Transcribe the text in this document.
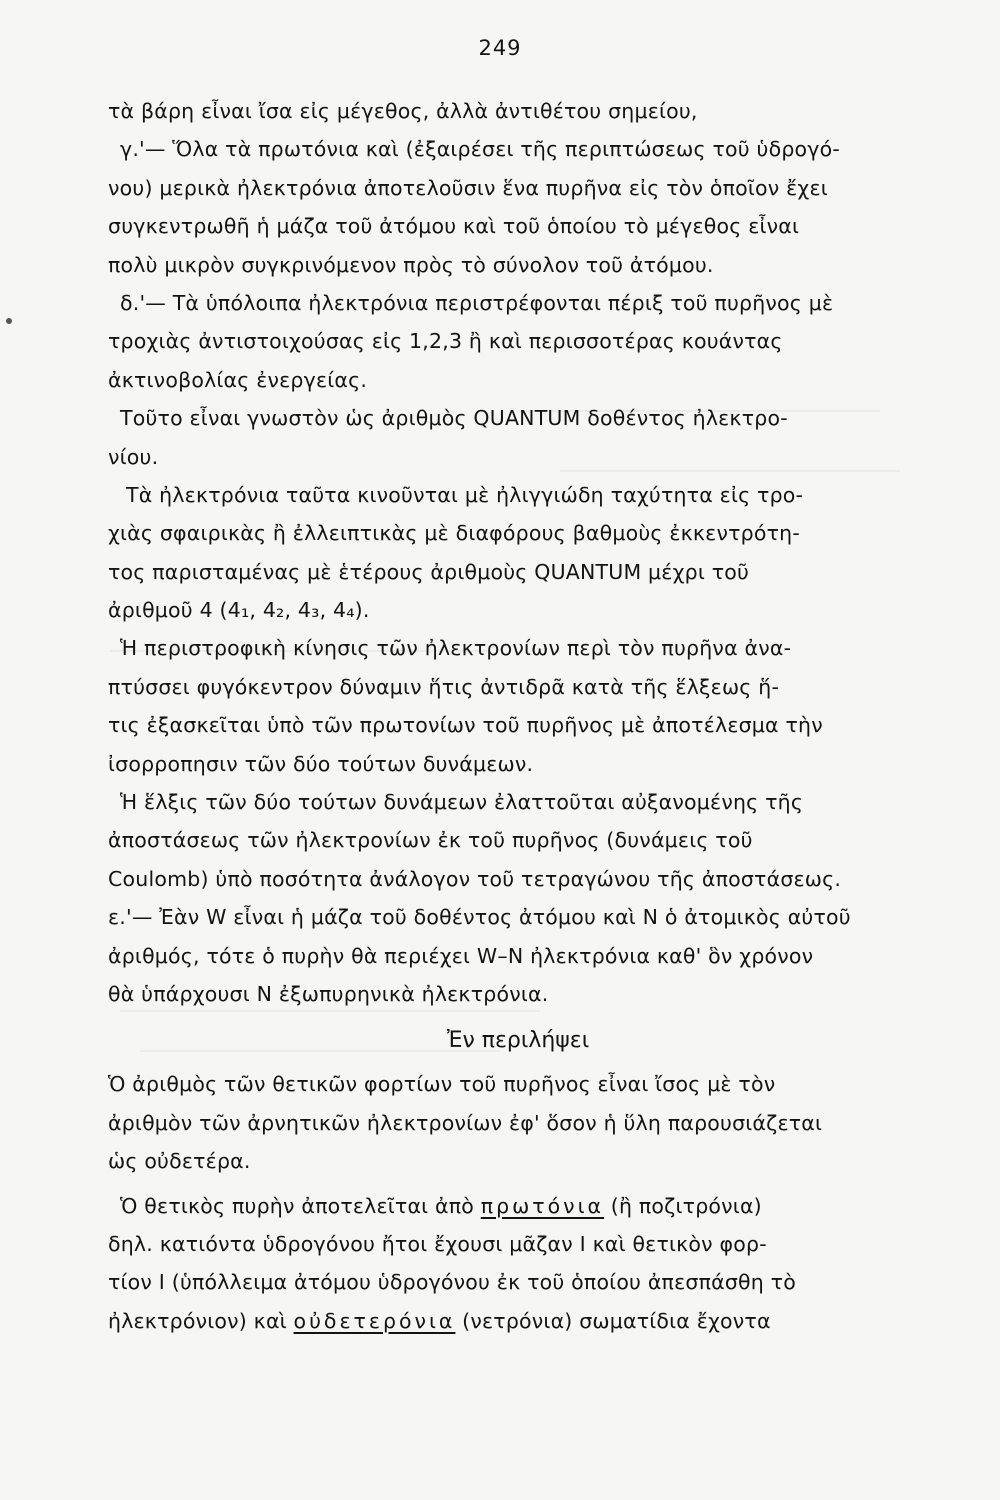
249
τὰ βάρη εἶναι ἴσα εἰς μέγεθος, ἀλλὰ ἀντιθέτου σημείου,
γ.'— Ὅλα τὰ πρωτόνια καὶ (ἐξαιρέσει τῆς περιπτώσεως τοῦ ὑδρογό-
νου) μερικὰ ἠλεκτρόνια ἀποτελοῦσιν ἕνα πυρῆνα εἰς τὸν ὁποῖον ἔχει
συγκεντρωθῆ ἡ μάζα τοῦ ἀτόμου καὶ τοῦ ὁποίου τὸ μέγεθος εἶναι
πολὺ μικρὸν συγκρινόμενον πρὸς τὸ σύνολον τοῦ ἀτόμου.
δ.'— Τὰ ὑπόλοιπα ἠλεκτρόνια περιστρέφονται πέριξ τοῦ πυρῆνος μὲ
τροχιὰς ἀντιστοιχούσας εἰς 1,2,3 ἢ καὶ περισσοτέρας κουάντας
ἀκτινοβολίας ἐνεργείας.
Τοῦτο εἶναι γνωστὸν ὡς ἀριθμὸς QUANTUM δοθέντος ἠλεκτρο-
νίου.
Τὰ ἠλεκτρόνια ταῦτα κινοῦνται μὲ ἠλιγγιώδη ταχύτητα εἰς τρο-
χιὰς σφαιρικὰς ἢ ἐλλειπτικὰς μὲ διαφόρους βαθμοὺς ἐκκεντρότη-
τος παρισταμένας μὲ ἑτέρους ἀριθμοὺς QUANTUM μέχρι τοῦ
ἀριθμοῦ 4 (4₁, 4₂, 4₃, 4₄).
Ἡ περιστροφικὴ κίνησις τῶν ἠλεκτρονίων περὶ τὸν πυρῆνα ἀνα-
πτύσσει φυγόκεντρον δύναμιν ἥτις ἀντιδρᾶ κατὰ τῆς ἕλξεως ἥ-
τις ἐξασκεῖται ὑπὸ τῶν πρωτονίων τοῦ πυρῆνος μὲ ἀποτέλεσμα τὴν
ἰσορροπησιν τῶν δύο τούτων δυνάμεων.
Ἡ ἕλξις τῶν δύο τούτων δυνάμεων ἐλαττοῦται αὐξανομένης τῆς
ἀποστάσεως τῶν ἠλεκτρονίων ἐκ τοῦ πυρῆνος (δυνάμεις τοῦ
Coulomb) ὑπὸ ποσότητα ἀνάλογον τοῦ τετραγώνου τῆς ἀποστάσεως.
ε.'— Ἐὰν W εἶναι ἡ μάζα τοῦ δοθέντος ἀτόμου καὶ N ὁ ἀτομικὸς αὐτοῦ
ἀριθμός, τότε ὁ πυρὴν θὰ περιέχει W–N ἠλεκτρόνια καθ' ὃν χρόνον
θὰ ὑπάρχουσι N ἐξωπυρηνικὰ ἠλεκτρόνια.
Ἐν περιλήψει
Ὁ ἀριθμὸς τῶν θετικῶν φορτίων τοῦ πυρῆνος εἶναι ἴσος μὲ τὸν
ἀριθμὸν τῶν ἀρνητικῶν ἠλεκτρονίων ἐφ' ὅσον ἡ ὕλη παρουσιάζεται
ὡς οὐδετέρα.
Ὁ θετικὸς πυρὴν ἀποτελεῖται ἀπὸ πρωτόνια (ἢ ποζιτρόνια)
δηλ. κατιόντα ὑδρογόνου ἤτοι ἔχουσι μᾶζαν I καὶ θετικὸν φορ-
τίον I (ὑπόλλειμα ἀτόμου ὑδρογόνου ἐκ τοῦ ὁποίου ἀπεσπάσθη τὸ
ἠλεκτρόνιον) καὶ οὐδετερόνια (νετρόνια) σωματίδια ἔχοντα
